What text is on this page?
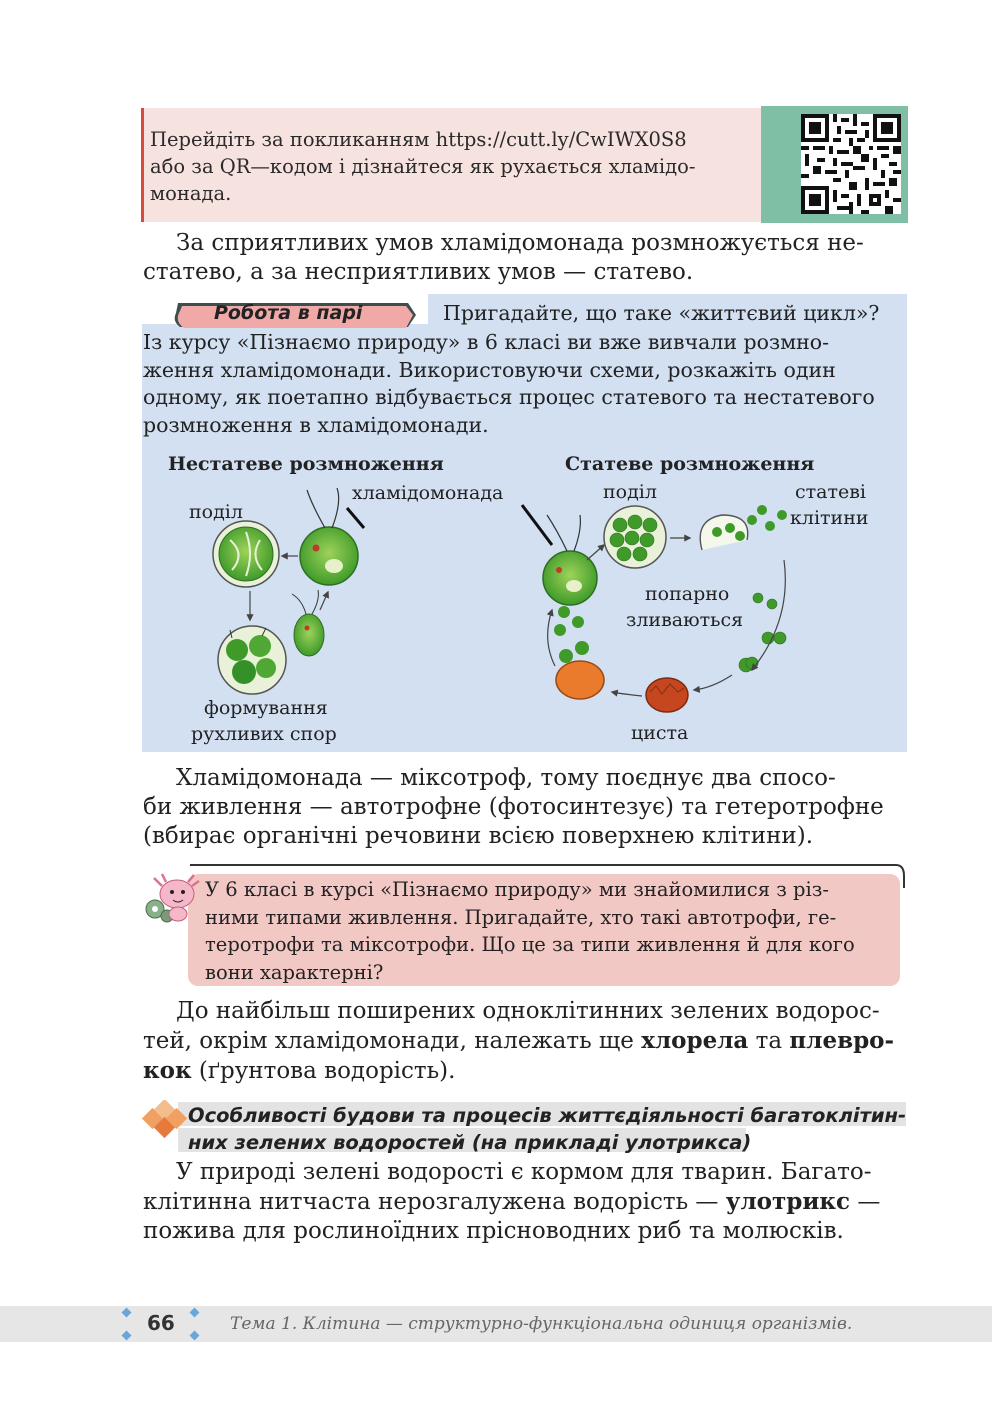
Перейдіть за покликанням https://cutt.ly/CwIWX0S8
або за QR—кодом і дізнайтеся як рухається хламідо-
монада.
За сприятливих умов хламідомонада розмножується не-
статево, а за несприятливих умов — статево.
Робота в парі	Пригадайте, що таке «життєвий цикл»?
Із курсу «Пізнаємо природу» в 6 класі ви вже вивчали розмно-
ження хламідомонади. Використовуючи схеми, розкажіть один
одному, як поетапно відбувається процес статевого та нестатевого
розмноження в хламідомонади.
Нестатеве розмноження	Статеве розмноження
поділ
хламідомонада	поділ	статеві
клітини
попарно
зливаються
формування
рухливих спор	циста
Хламідомонада — міксотроф, тому поєднує два спосо-
би живлення — автотрофне (фотосинтезує) та гетеротрофне
(вбирає органічні речовини всією поверхнею клітини).
У 6 класі в курсі «Пізнаємо природу» ми знайомилися з різ-
ними типами живлення. Пригадайте, хто такі автотрофи, ге-
теротрофи та міксотрофи. Що це за типи живлення й для кого
вони характерні?
До найбільш поширених одноклітинних зелених водорос-
тей, окрім хламідомонади, належать ще хлорела та плевро-
кок (ґрунтова водорість).
Особливості будови та процесів життєдіяльності багатоклітин-
них зелених водоростей (на прикладі улотрикса)
У природі зелені водорості є кормом для тварин. Багато-
клітинна нитчаста нерозгалужена водорість — улотрикс —
пожива для рослиноїдних прісноводних риб та молюсків.
66	Тема 1. Клітина — структурно-функціональна одиниця організмів.
